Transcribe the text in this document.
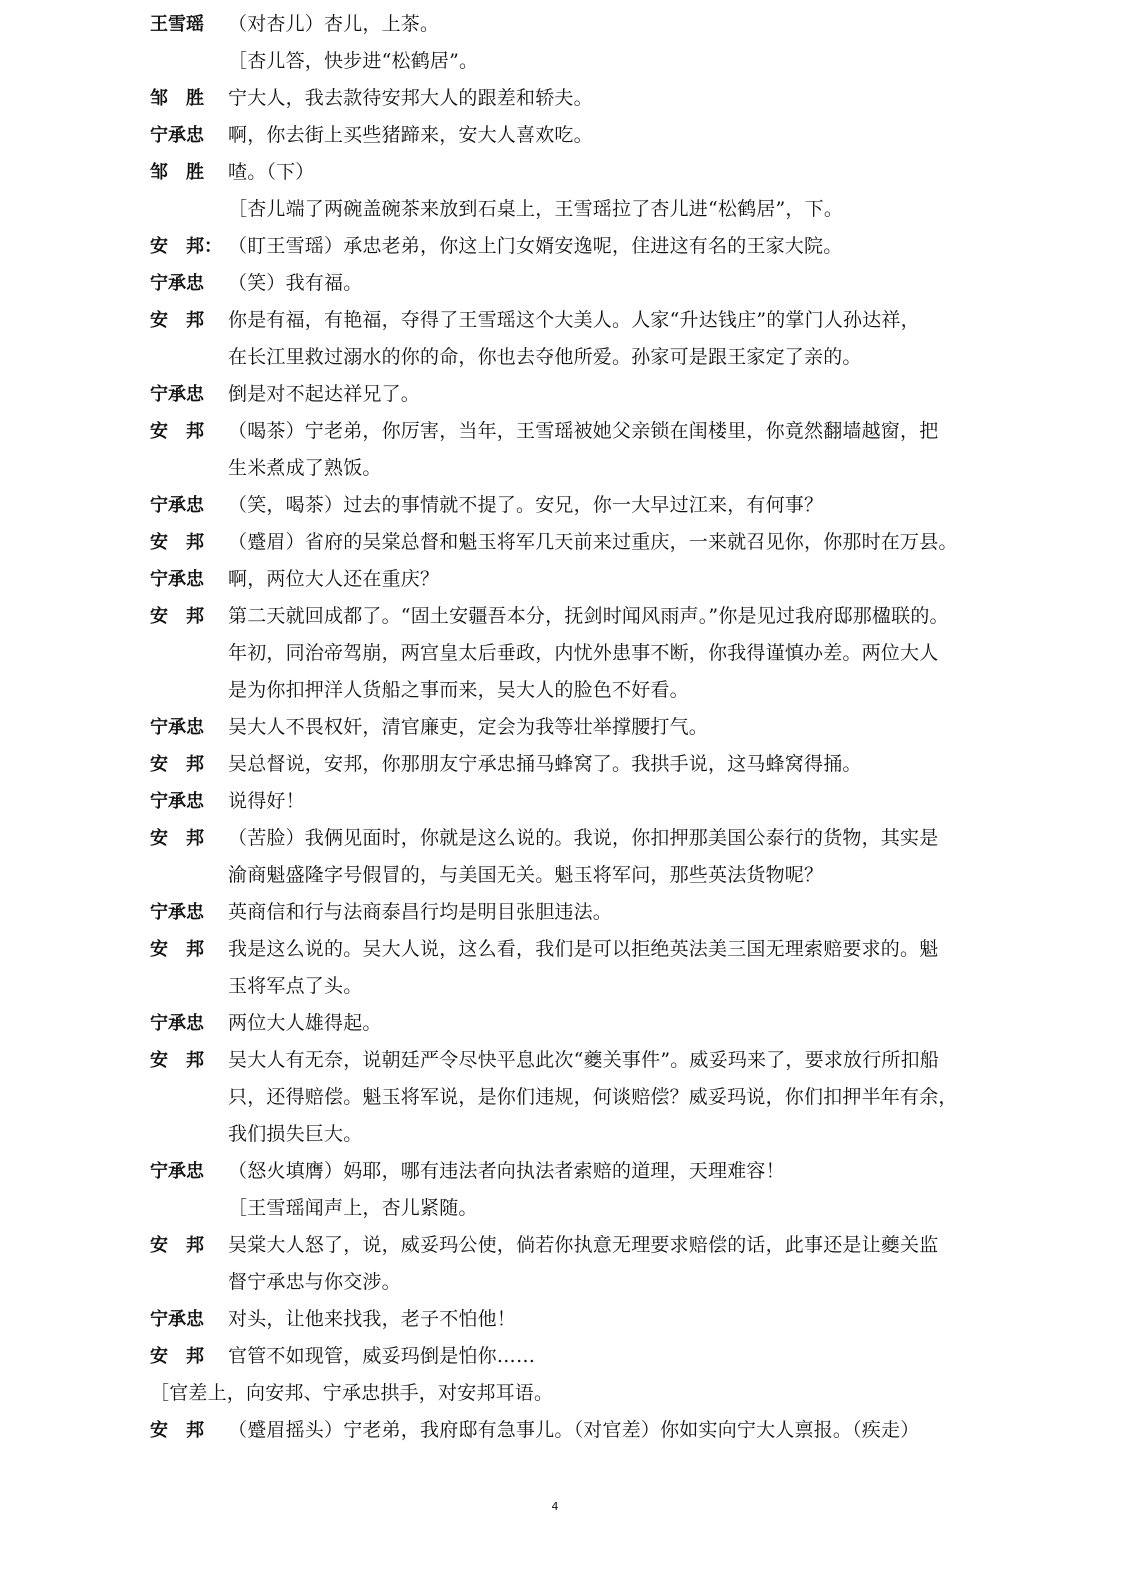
王雪瑶 （对杏儿）杏儿，上茶。
［杏儿答，快步进“松鹤居”。
邹　胜 宁大人，我去款待安邦大人的跟差和轿夫。
宁承忠 啊，你去街上买些猪蹄来，安大人喜欢吃。
邹　胜 喳。（下）
［杏儿端了两碗盖碗茶来放到石桌上，王雪瑶拉了杏儿进“松鹤居”，下。
安　邦： （盯王雪瑶）承忠老弟，你这上门女婿安逸呢，住进这有名的王家大院。
宁承忠 （笑）我有福。
安　邦 你是有福，有艳福，夺得了王雪瑶这个大美人。人家“升达钱庄”的掌门人孙达祥，
在长江里救过溺水的你的命，你也去夺他所爱。孙家可是跟王家定了亲的。
宁承忠 倒是对不起达祥兄了。
安　邦 （喝茶）宁老弟，你厉害，当年，王雪瑶被她父亲锁在闺楼里，你竟然翻墙越窗，把
生米煮成了熟饭。
宁承忠 （笑，喝茶）过去的事情就不提了。安兄，你一大早过江来，有何事？
安　邦 （蹙眉）省府的吴棠总督和魁玉将军几天前来过重庆，一来就召见你，你那时在万县。
宁承忠 啊，两位大人还在重庆？
安　邦 第二天就回成都了。“固土安疆吾本分，抚剑时闻风雨声。”你是见过我府邸那楹联的。
年初，同治帝驾崩，两宫皇太后垂政，内忧外患事不断，你我得谨慎办差。两位大人
是为你扣押洋人货船之事而来，吴大人的脸色不好看。
宁承忠 吴大人不畏权奸，清官廉吏，定会为我等壮举撑腰打气。
安　邦 吴总督说，安邦，你那朋友宁承忠捅马蜂窝了。我拱手说，这马蜂窝得捅。
宁承忠 说得好！
安　邦 （苦脸）我俩见面时，你就是这么说的。我说，你扣押那美国公泰行的货物，其实是
渝商魁盛隆字号假冒的，与美国无关。魁玉将军问，那些英法货物呢？
宁承忠 英商信和行与法商泰昌行均是明目张胆违法。
安　邦 我是这么说的。吴大人说，这么看，我们是可以拒绝英法美三国无理索赔要求的。魁
玉将军点了头。
宁承忠 两位大人雄得起。
安　邦 吴大人有无奈，说朝廷严令尽快平息此次“夔关事件”。威妥玛来了，要求放行所扣船
只，还得赔偿。魁玉将军说，是你们违规，何谈赔偿？威妥玛说，你们扣押半年有余，
我们损失巨大。
宁承忠 （怒火填膺）妈耶，哪有违法者向执法者索赔的道理，天理难容！
［王雪瑶闻声上，杏儿紧随。
安　邦 吴棠大人怒了，说，威妥玛公使，倘若你执意无理要求赔偿的话，此事还是让夔关监
督宁承忠与你交涉。
宁承忠 对头，让他来找我，老子不怕他！
安　邦 官管不如现管，威妥玛倒是怕你……
［官差上，向安邦、宁承忠拱手，对安邦耳语。
安　邦 （蹙眉摇头）宁老弟，我府邸有急事儿。（对官差）你如实向宁大人禀报。（疾走）
4
